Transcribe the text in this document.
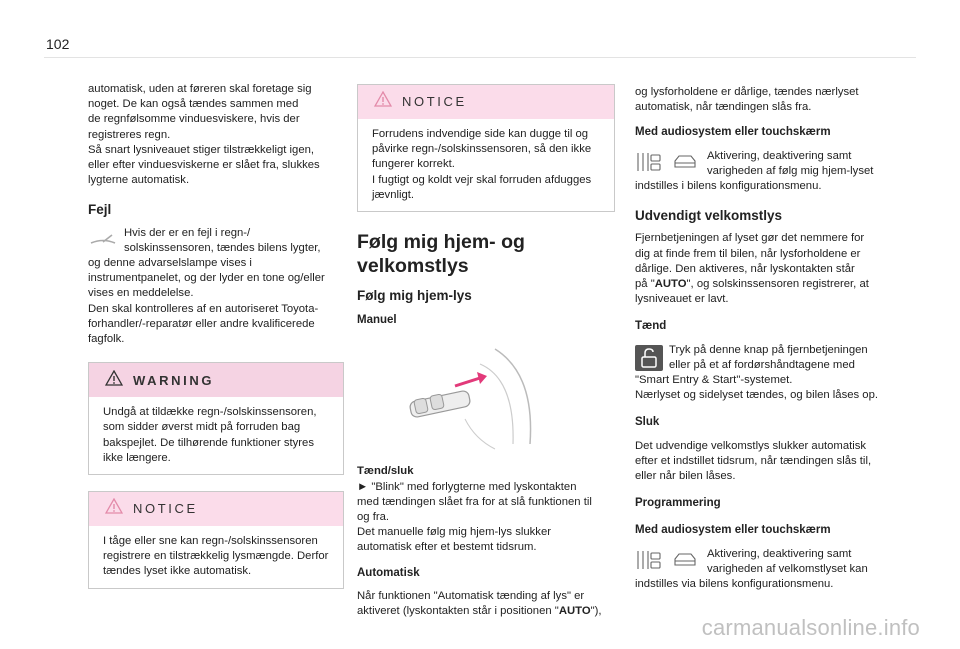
102

automatisk, uden at føreren skal foretage sig
noget. De kan også tændes sammen med
de regnfølsomme vinduesviskere, hvis der
registreres regn.
Så snart lysniveauet stiger tilstrækkeligt igen,
eller efter vinduesviskerne er slået fra, slukkes
lygterne automatisk.

Fejl
Hvis der er en fejl i regn-/
solskinssensoren, tændes bilens lygter,
og denne advarselslampe vises i
instrumentpanelet, og der lyder en tone og/eller
vises en meddelelse.
Den skal kontrolleres af en autoriseret Toyota-
forhandler/-reparatør eller andre kvalificerede
fagfolk.
WARNING
Undgå at tildække regn-/solskinssensoren,
som sidder øverst midt på forruden bag
bakspejlet. De tilhørende funktioner styres
ikke længere.
NOTICE
I tåge eller sne kan regn-/solskinssensoren
registrere en tilstrækkelig lysmængde. Derfor
tændes lyset ikke automatisk.
NOTICE
Forrudens indvendige side kan dugge til og
påvirke regn-/solskinssensoren, så den ikke
fungerer korrekt.
I fugtigt og koldt vejr skal forruden afdugges
jævnligt.
Følg mig hjem- og
velkomstlys
Følg mig hjem-lys
Manuel
Tænd/sluk

► "Blink" med forlygterne med lyskontakten
med tændingen slået fra for at slå funktionen til
og fra.
Det manuelle følg mig hjem-lys slukker
automatisk efter et bestemt tidsrum.

Automatisk

Når funktionen "Automatisk tænding af lys" er
aktiveret (lyskontakten står i positionen "AUTO"),

og lysforholdene er dårlige, tændes nærlyset
automatisk, når tændingen slås fra.

Med audiosystem eller touchskærm
Aktivering, deaktivering samt
varigheden af følg mig hjem-lyset
indstilles i bilens konfigurationsmenu.
Udvendigt velkomstlys

Fjernbetjeningen af lyset gør det nemmere for
dig at finde frem til bilen, når lysforholdene er
dårlige. Den aktiveres, når lyskontakten står
på "AUTO", og solskinssensoren registrerer, at
lysniveauet er lavt.

Tænd
Tryk på denne knap på fjernbetjeningen
eller på et af fordørshåndtagene med
"Smart Entry & Start"-systemet.
Nærlyset og sidelyset tændes, og bilen låses op.
Sluk

Det udvendige velkomstlys slukker automatisk
efter et indstillet tidsrum, når tændingen slås til,
eller når bilen låses.

Programmering
Med audiosystem eller touchskærm
Aktivering, deaktivering samt
varigheden af velkomstlyset kan
indstilles via bilens konfigurationsmenu.
carmanualsonline.info
